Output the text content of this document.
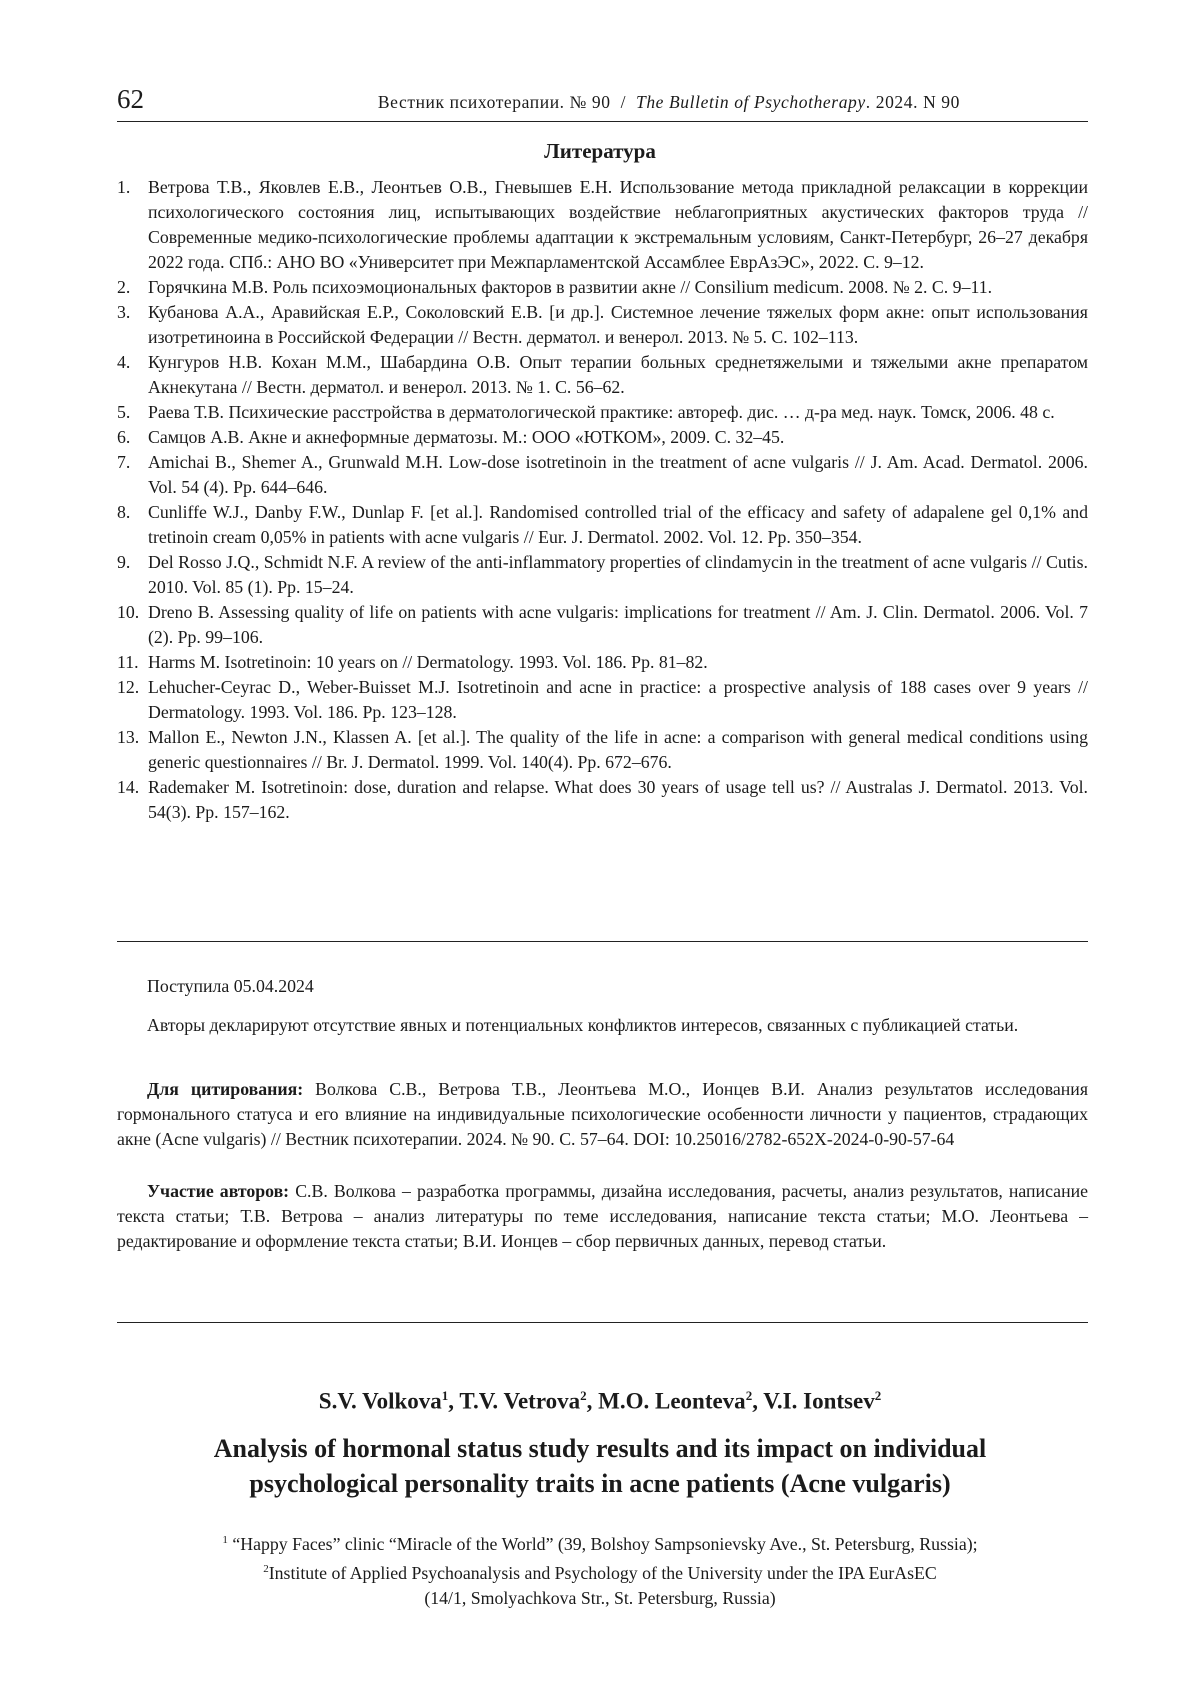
62	Вестник психотерапии. № 90 / The Bulletin of Psychotherapy. 2024. N 90
Литература
1. Ветрова Т.В., Яковлев Е.В., Леонтьев О.В., Гневышев Е.Н. Использование метода прикладной релаксации в коррекции психологического состояния лиц, испытывающих воздействие неблагоприятных акустических факторов труда // Современные медико-психологические проблемы адаптации к экстремальным условиям, Санкт-Петербург, 26–27 декабря 2022 года. СПб.: АНО ВО «Университет при Межпарламентской Ассамблее ЕврАзЭС», 2022. С. 9–12.
2. Горячкина М.В. Роль психоэмоциональных факторов в развитии акне // Consilium medicum. 2008. № 2. С. 9–11.
3. Кубанова А.А., Аравийская Е.Р., Соколовский Е.В. [и др.]. Системное лечение тяжелых форм акне: опыт использования изотретиноина в Российской Федерации // Вестн. дерматол. и венерол. 2013. № 5. С. 102–113.
4. Кунгуров Н.В. Кохан М.М., Шабардина О.В. Опыт терапии больных среднетяжелыми и тяжелыми акне препаратом Акнекутана // Вестн. дерматол. и венерол. 2013. № 1. С. 56–62.
5. Раева Т.В. Психические расстройства в дерматологической практике: автореф. дис. … д-ра мед. наук. Томск, 2006. 48 с.
6. Самцов А.В. Акне и акнеформные дерматозы. М.: ООО «ЮТКОМ», 2009. С. 32–45.
7. Amichai B., Shemer A., Grunwald M.H. Low-dose isotretinoin in the treatment of acne vulgaris // J. Am. Acad. Dermatol. 2006. Vol. 54 (4). Pp. 644–646.
8. Cunliffe W.J., Danby F.W., Dunlap F. [et al.]. Randomised controlled trial of the efficacy and safety of adapalene gel 0,1% and tretinoin cream 0,05% in patients with acne vulgaris // Eur. J. Dermatol. 2002. Vol. 12. Pp. 350–354.
9. Del Rosso J.Q., Schmidt N.F. A review of the anti-inflammatory properties of clindamycin in the treatment of acne vulgaris // Cutis. 2010. Vol. 85 (1). Pp. 15–24.
10. Dreno B. Assessing quality of life on patients with acne vulgaris: implications for treatment // Am. J. Clin. Dermatol. 2006. Vol. 7 (2). Pp. 99–106.
11. Harms M. Isotretinoin: 10 years on // Dermatology. 1993. Vol. 186. Pp. 81–82.
12. Lehucher-Ceyrac D., Weber-Buisset M.J. Isotretinoin and acne in practice: a prospective analysis of 188 cases over 9 years // Dermatology. 1993. Vol. 186. Pp. 123–128.
13. Mallon E., Newton J.N., Klassen A. [et al.]. The quality of the life in acne: a comparison with general medical conditions using generic questionnaires // Br. J. Dermatol. 1999. Vol. 140(4). Pp. 672–676.
14. Rademaker M. Isotretinoin: dose, duration and relapse. What does 30 years of usage tell us? // Australas J. Dermatol. 2013. Vol. 54(3). Pp. 157–162.

Поступила 05.04.2024

Авторы декларируют отсутствие явных и потенциальных конфликтов интересов, связанных с публикацией статьи.

Для цитирования: Волкова С.В., Ветрова Т.В., Леонтьева М.О., Ионцев В.И. Анализ результатов исследования гормонального статуса и его влияние на индивидуальные психологические особенности личности у пациентов, страдающих акне (Acne vulgaris) // Вестник психотерапии. 2024. № 90. С. 57–64. DOI: 10.25016/2782-652X-2024-0-90-57-64

Участие авторов: С.В. Волкова – разработка программы, дизайна исследования, расчеты, анализ результатов, написание текста статьи; Т.В. Ветрова – анализ литературы по теме исследования, написание текста статьи; М.О. Леонтьева – редактирование и оформление текста статьи; В.И. Ионцев – сбор первичных данных, перевод статьи.

S.V. Volkova$^1$, T.V. Vetrova$^2$, M.O. Leonteva$^2$, V.I. Iontsev$^2$
Analysis of hormonal status study results and its impact on individual
psychological personality traits in acne patients (Acne vulgaris)
$^1$ “Happy Faces” clinic “Miracle of the World” (39, Bolshoy Sampsonievsky Ave., St. Petersburg, Russia);
$^2$Institute of Applied Psychoanalysis and Psychology of the University under the IPA EurAsEC
(14/1, Smolyachkova Str., St. Petersburg, Russia)
